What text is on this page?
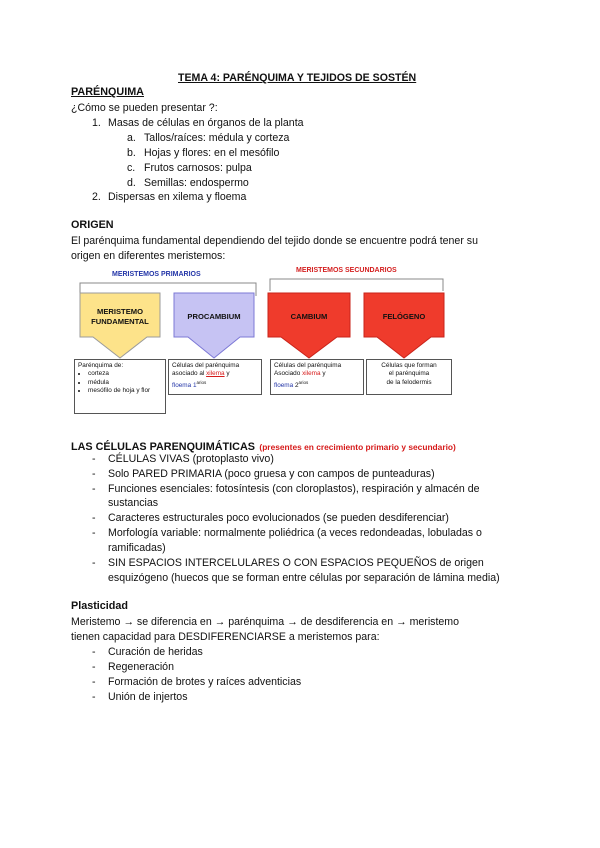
TEMA 4: PARÉNQUIMA Y TEJIDOS DE SOSTÉN
PARÉNQUIMA
¿Cómo se pueden presentar ?:
1. Masas de células en órganos de la planta
a. Tallos/raíces: médula y corteza
b. Hojas y flores: en el mesófilo
c. Frutos carnosos: pulpa
d. Semillas: endospermo
2. Dispersas en xilema y floema
ORIGEN
El parénquima fundamental dependiendo del tejido donde se encuentre podrá tener su
origen en diferentes meristemos:
MERISTEMOS PRIMARIOS
MERISTEMOS SECUNDARIOS
MERISTEMO
FUNDAMENTAL
PROCAMBIUM	CAMBIUM	FELÓGENO
Parénquima de:
• corteza
• médula
• mesófilo de hoja y flor
Células del parénquima
asociado al xilema y
floema $1^{arios}$
Células del parénquima
Asociado xilema y
floema $2^{arios}$
Células que forman
el parénquima
de la felodermis
LAS CÉLULAS PARENQUIMÁTICAS (presentes en crecimiento primario y secundario)
- CÉLULAS VIVAS (protoplasto vivo)
- Solo PARED PRIMARIA (poco gruesa y con campos de punteaduras)
- Funciones esenciales: fotosíntesis (con cloroplastos), respiración y almacén de
sustancias
- Caracteres estructurales poco evolucionados (se pueden desdiferenciar)
- Morfología variable: normalmente poliédrica (a veces redondeadas, lobuladas o
ramificadas)
- SIN ESPACIOS INTERCELULARES O CON ESPACIOS PEQUEÑOS de origen
esquizógeno (huecos que se forman entre células por separación de lámina media)
Plasticidad
Meristemo → se diferencia en → parénquima → de desdiferencia en → meristemo
tienen capacidad para DESDIFERENCIARSE a meristemos para:
- Curación de heridas
- Regeneración
- Formación de brotes y raíces adventicias
- Unión de injertos
